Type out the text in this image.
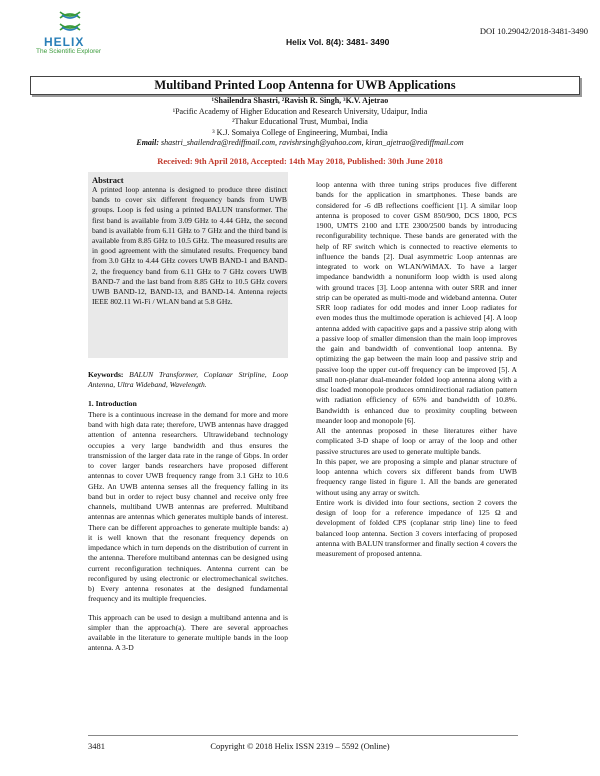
HELIX
The Scientific Explorer
DOI 10.29042/2018-3481-3490
Helix Vol. 8(4): 3481- 3490
Multiband Printed Loop Antenna for UWB Applications
¹Shailendra Shastri, ²Ravish R. Singh, ³K.V. Ajetrao
¹Pacific Academy of Higher Education and Research University, Udaipur, India
²Thakur Educational Trust, Mumbai, India
³ K.J. Somaiya College of Engineering, Mumbai, India
Email: shastri_shailendra@rediffmail.com, ravishrsingh@yahoo.com, kiran_ajetrao@rediffmail.com
Received: 9th April 2018, Accepted: 14th May 2018, Published: 30th June 2018
Abstract
A printed loop antenna is designed to produce three distinct bands to cover six different frequency bands from UWB groups. Loop is fed using a printed BALUN transformer. The first band is available from 3.09 GHz to 4.44 GHz, the second band is available from 6.11 GHz to 7 GHz and the third band is available from 8.85 GHz to 10.5 GHz. The measured results are in good agreement with the simulated results. Frequency band from 3.0 GHz to 4.44 GHz covers UWB BAND-1 and BAND-2, the frequency band from 6.11 GHz to 7 GHz covers UWB BAND-7 and the last band from 8.85 GHz to 10.5 GHz covers UWB BAND-12, BAND-13, and BAND-14. Antenna rejects IEEE 802.11 Wi-Fi / WLAN band at 5.8 GHz.

Keywords: BALUN Transformer, Coplanar Stripline, Loop Antenna, Ultra Wideband, Wavelength.

1. Introduction

There is a continuous increase in the demand for more and more band with high data rate; therefore, UWB antennas have dragged attention of antenna researchers. Ultrawideband technology occupies a very large bandwidth and thus ensures the transmission of the larger data rate in the range of Gbps. In order to cover larger bands researchers have proposed different antennas to cover UWB frequency range from 3.1 GHz to 10.6 GHz. An UWB antenna senses all the frequency falling in its band but in order to reject busy channel and receive only free channels, multiband UWB antennas are preferred. Multiband antennas are antennas which generates multiple bands of interest. There can be different approaches to generate multiple bands: a) it is well known that the resonant frequency depends on impedance which in turn depends on the distribution of current in the antenna. Therefore multiband antennas can be designed using current reconfiguration techniques. Antenna current can be reconfigured by using electronic or electromechanical switches. b) Every antenna resonates at the designed fundamental frequency and its multiple frequencies.

This approach can be used to design a multiband antenna and is simpler than the approach(a). There are several approaches available in the literature to generate multiple bands in the loop antenna. A 3-D

loop antenna with three tuning strips produces five different bands for the application in smartphones. These bands are considered for -6 dB reflections coefficient [1]. A similar loop antenna is proposed to cover GSM 850/900, DCS 1800, PCS 1900, UMTS 2100 and LTE 2300/2500 bands by introducing reconfigurability technique. These bands are generated with the help of RF switch which is connected to reactive elements to influence the bands [2]. Dual asymmetric Loop antennas are integrated to work on WLAN/WiMAX. To have a larger impedance bandwidth a nonuniform loop width is used along with ground traces [3]. Loop antenna with outer SRR and inner strip can be operated as multi-mode and wideband antenna. Outer SRR loop radiates for odd modes and inner Loop radiates for even modes thus the multimode operation is achieved [4]. A loop antenna added with capacitive gaps and a passive strip along with a passive loop of smaller dimension than the main loop improves the gain and bandwidth of conventional loop antenna. By optimizing the gap between the main loop and passive strip and passive loop the upper cut-off frequency can be improved [5]. A small non-planar dual-meander folded loop antenna along with a disc loaded monopole produces omnidirectional radiation pattern with radiation efficiency of 65% and bandwidth of 10.8%. Bandwidth is enhanced due to proximity coupling between meander loop and monopole [6].

All the antennas proposed in these literatures either have complicated 3-D shape of loop or array of the loop and other passive structures are used to generate multiple bands.

In this paper, we are proposing a simple and planar structure of loop antenna which covers six different bands from UWB frequency range listed in figure 1. All the bands are generated without using any array or switch.

Entire work is divided into four sections, section 2 covers the design of loop for a reference impedance of 125 Ω and development of folded CPS (coplanar strip line) line to feed balanced loop antenna. Section 3 covers interfacing of proposed antenna with BALUN transformer and finally section 4 covers the measurement of proposed antenna.

3481	Copyright © 2018 Helix ISSN 2319 – 5592 (Online)
